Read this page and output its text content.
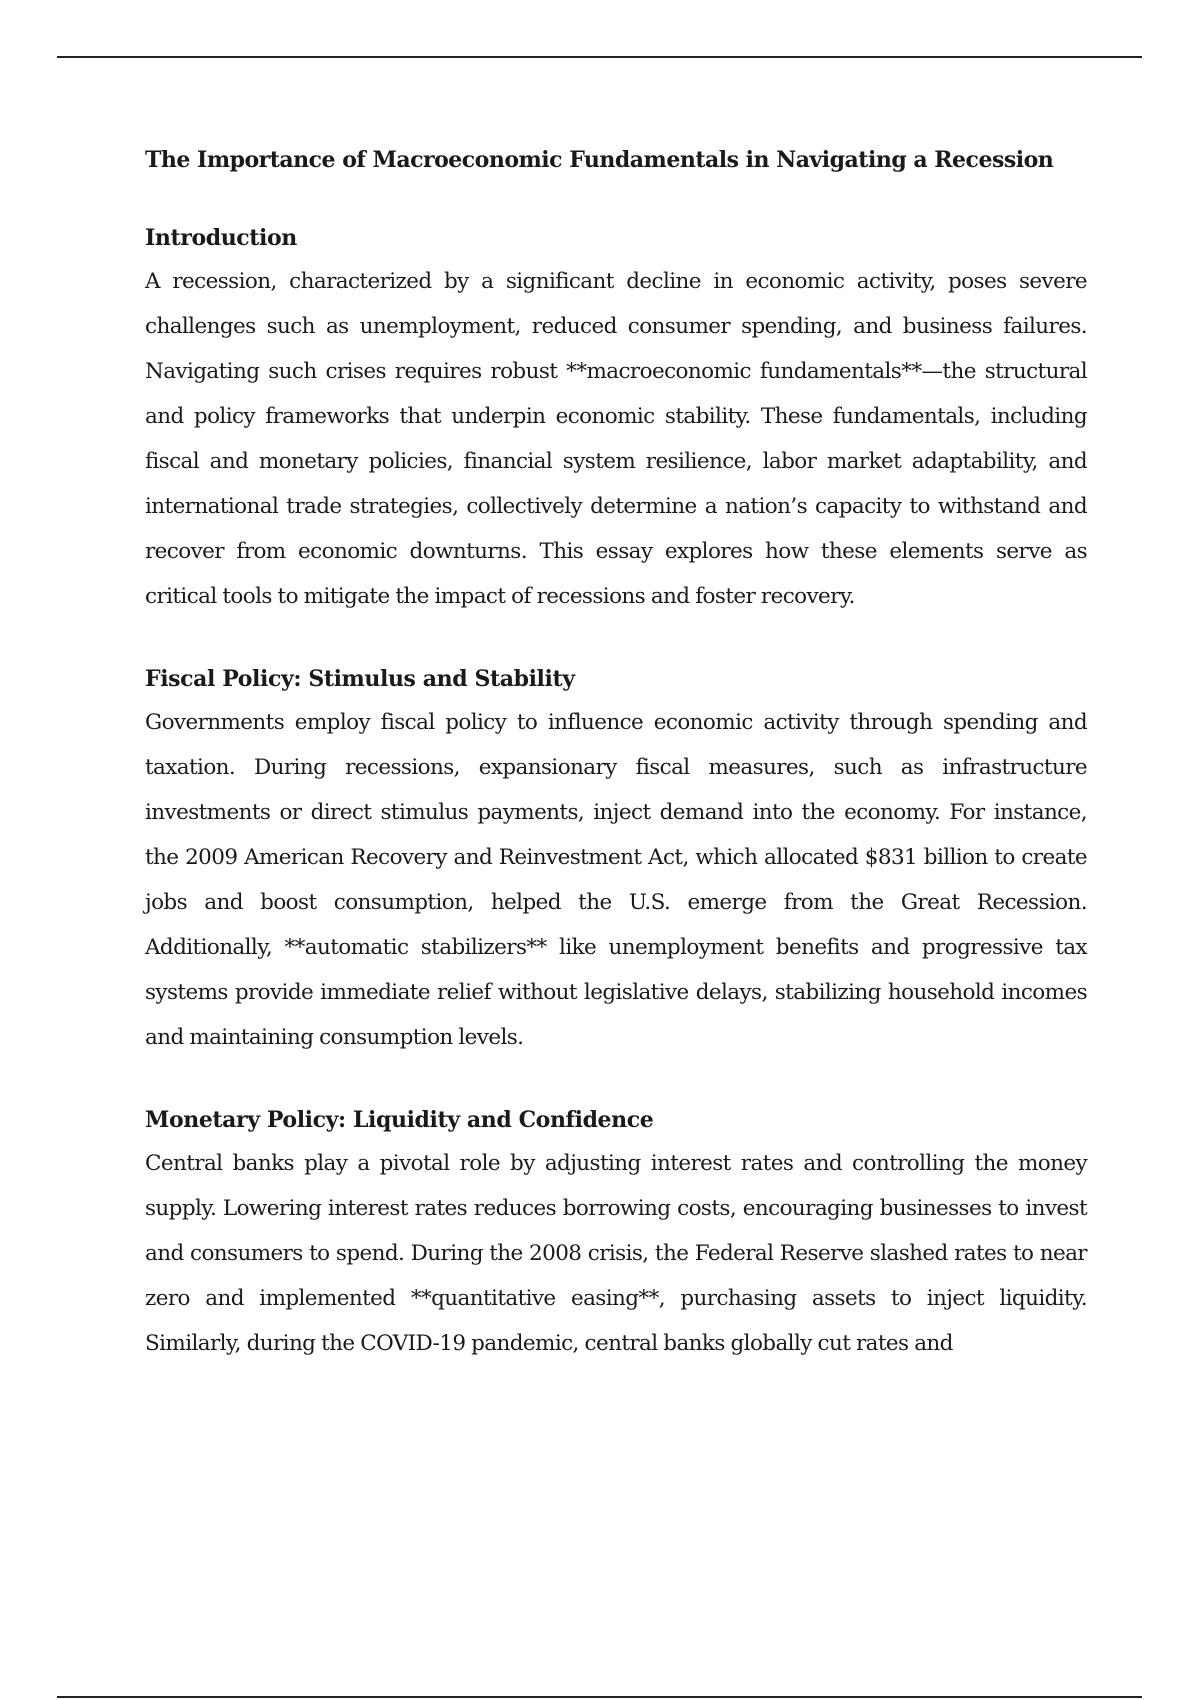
The Importance of Macroeconomic Fundamentals in Navigating a Recession
Introduction

A recession, characterized by a significant decline in economic activity, poses severe challenges such as unemployment, reduced consumer spending, and business failures. Navigating such crises requires robust **macroeconomic fundamentals**—the structural and policy frameworks that underpin economic stability. These fundamentals, including fiscal and monetary policies, financial system resilience, labor market adaptability, and international trade strategies, collectively determine a nation’s capacity to withstand and recover from economic downturns. This essay explores how these elements serve as critical tools to mitigate the impact of recessions and foster recovery.

Fiscal Policy: Stimulus and Stability

Governments employ fiscal policy to influence economic activity through spending and taxation. During recessions, expansionary fiscal measures, such as infrastructure investments or direct stimulus payments, inject demand into the economy. For instance, the 2009 American Recovery and Reinvestment Act, which allocated $831 billion to create jobs and boost consumption, helped the U.S. emerge from the Great Recession. Additionally, **automatic stabilizers** like unemployment benefits and progressive tax systems provide immediate relief without legislative delays, stabilizing household incomes and maintaining consumption levels.

Monetary Policy: Liquidity and Confidence

Central banks play a pivotal role by adjusting interest rates and controlling the money supply. Lowering interest rates reduces borrowing costs, encouraging businesses to invest and consumers to spend. During the 2008 crisis, the Federal Reserve slashed rates to near zero and implemented **quantitative easing**, purchasing assets to inject liquidity. Similarly, during the COVID-19 pandemic, central banks globally cut rates and
